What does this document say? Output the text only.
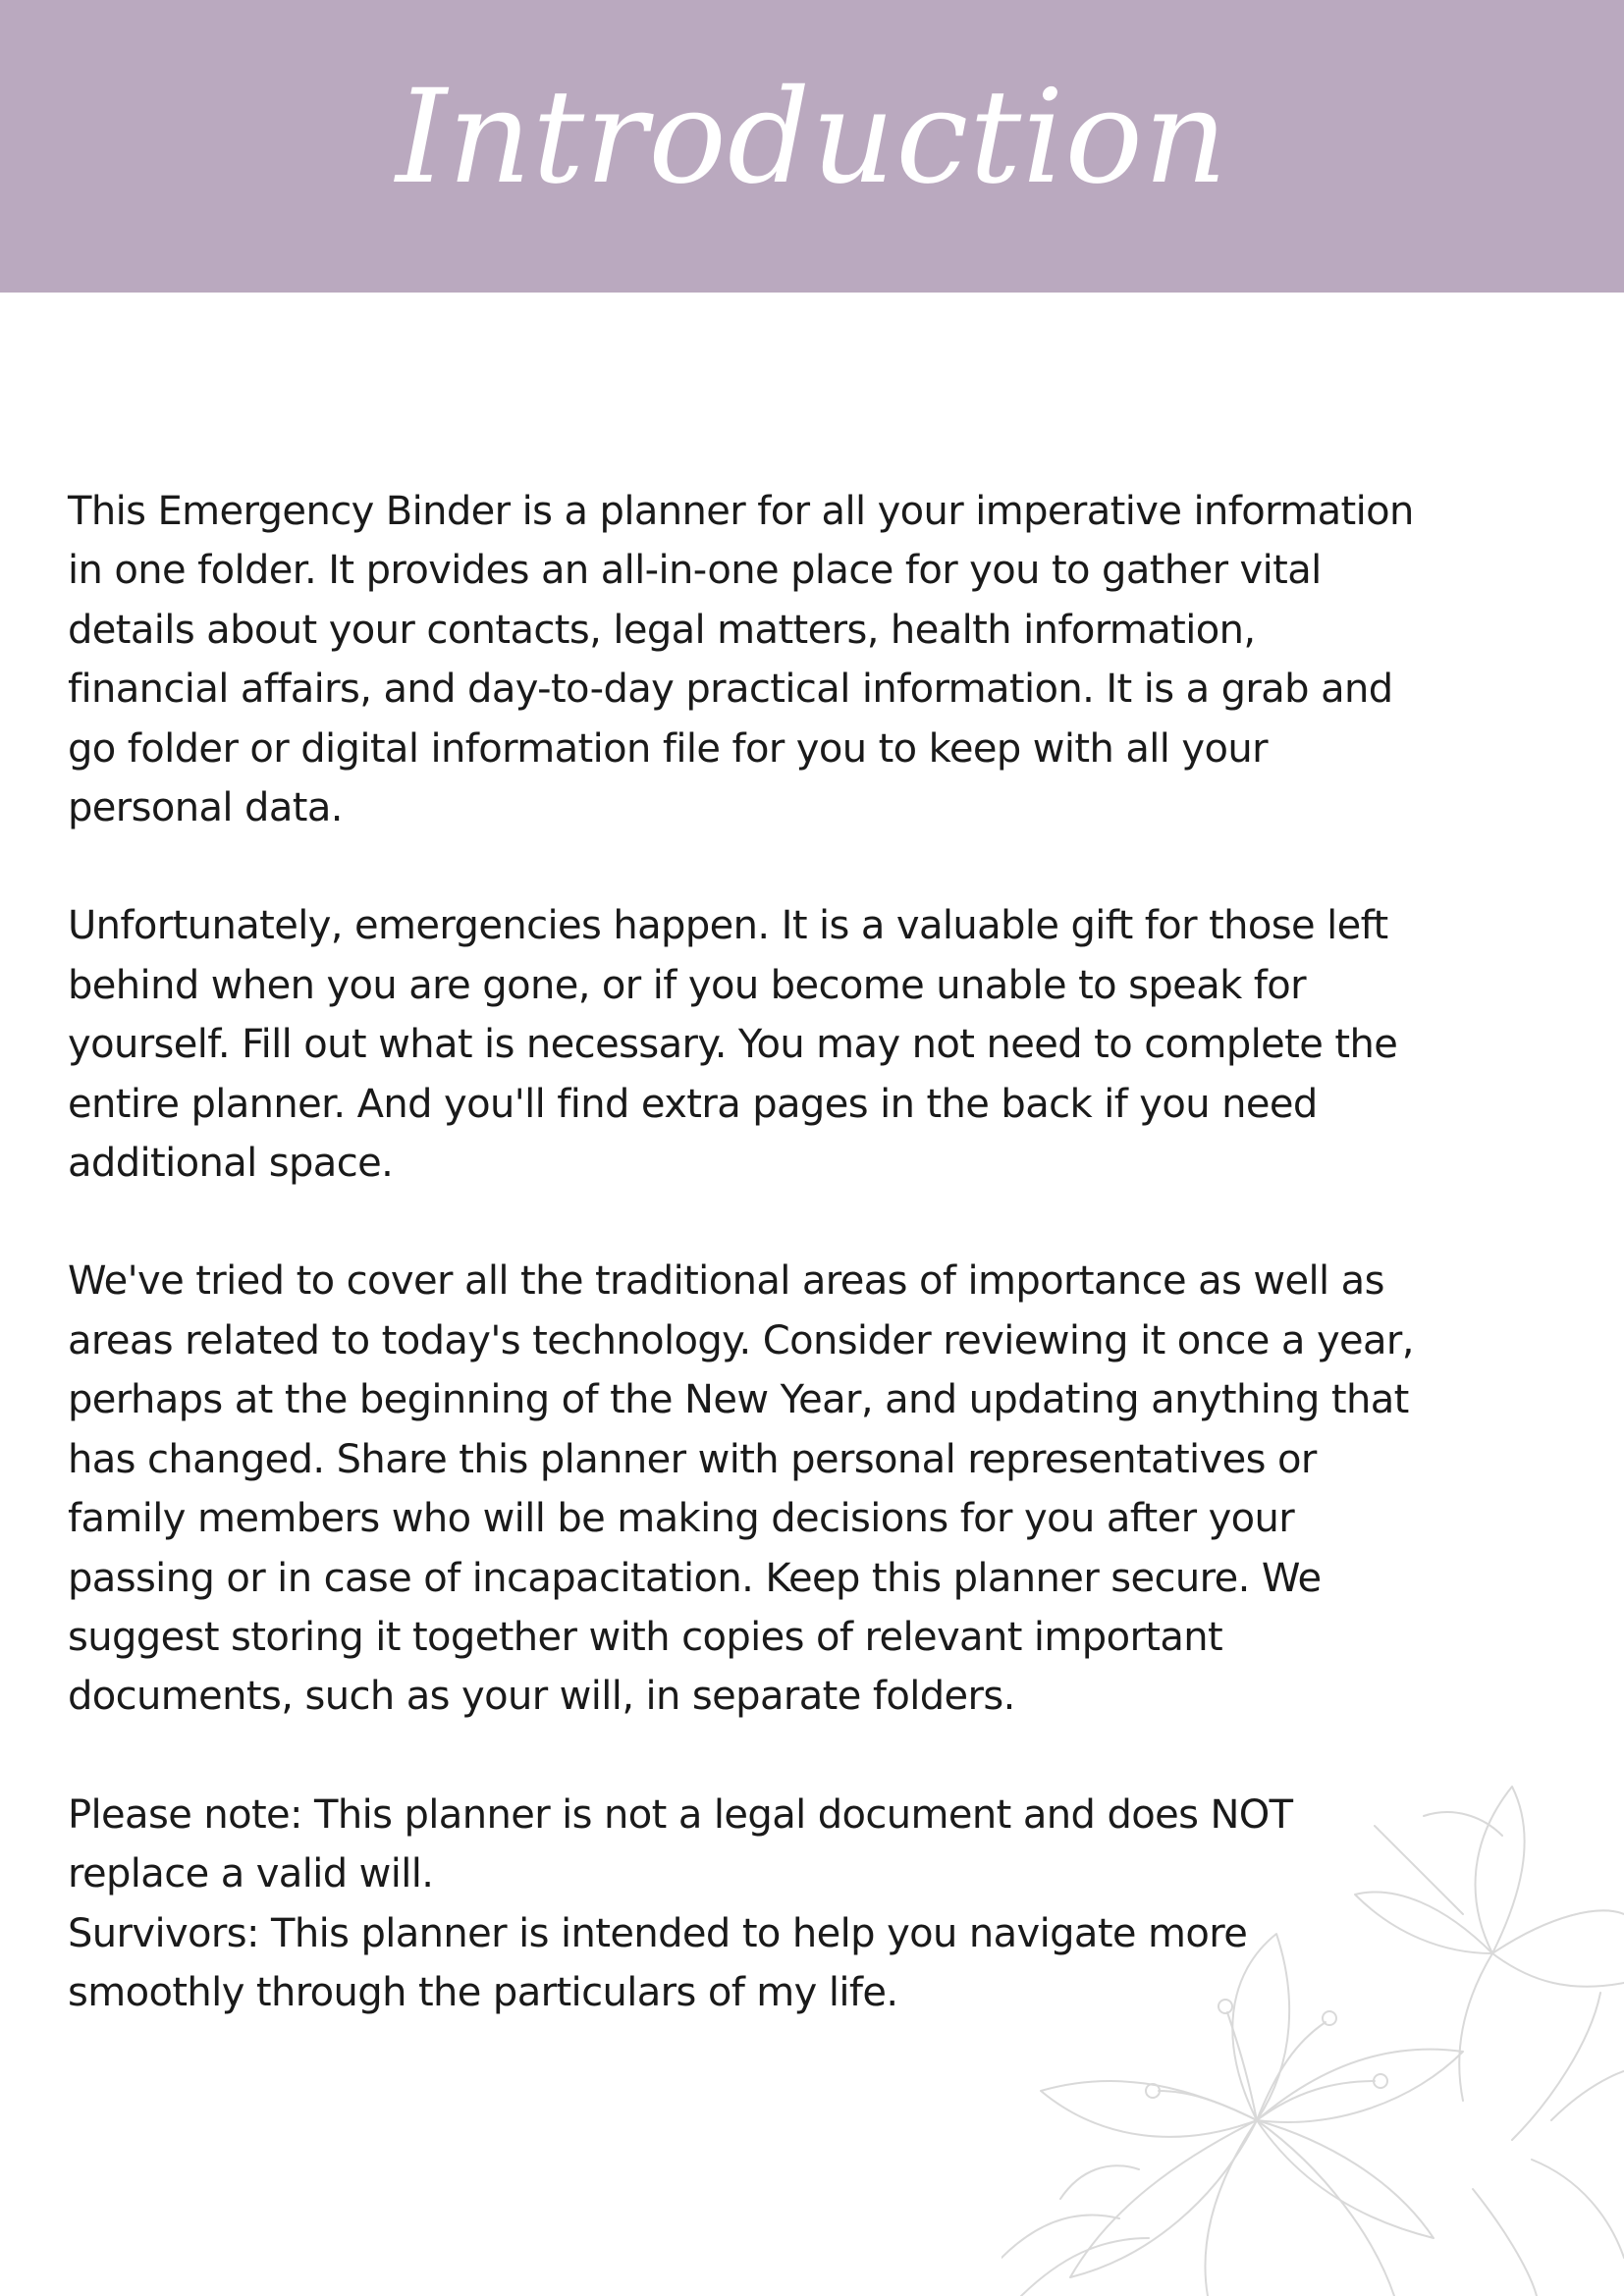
Introduction

This Emergency Binder is a planner for all your imperative information
in one folder. It provides an all-in-one place for you to gather vital
details about your contacts, legal matters, health information,
financial affairs, and day-to-day practical information. It is a grab and
go folder or digital information file for you to keep with all your
personal data.

Unfortunately, emergencies happen. It is a valuable gift for those left
behind when you are gone, or if you become unable to speak for
yourself. Fill out what is necessary. You may not need to complete the
entire planner. And you'll find extra pages in the back if you need
additional space.

We've tried to cover all the traditional areas of importance as well as
areas related to today's technology. Consider reviewing it once a year,
perhaps at the beginning of the New Year, and updating anything that
has changed. Share this planner with personal representatives or
family members who will be making decisions for you after your
passing or in case of incapacitation. Keep this planner secure. We
suggest storing it together with copies of relevant important
documents, such as your will, in separate folders.

Please note: This planner is not a legal document and does NOT
replace a valid will.
Survivors: This planner is intended to help you navigate more
smoothly through the particulars of my life.
